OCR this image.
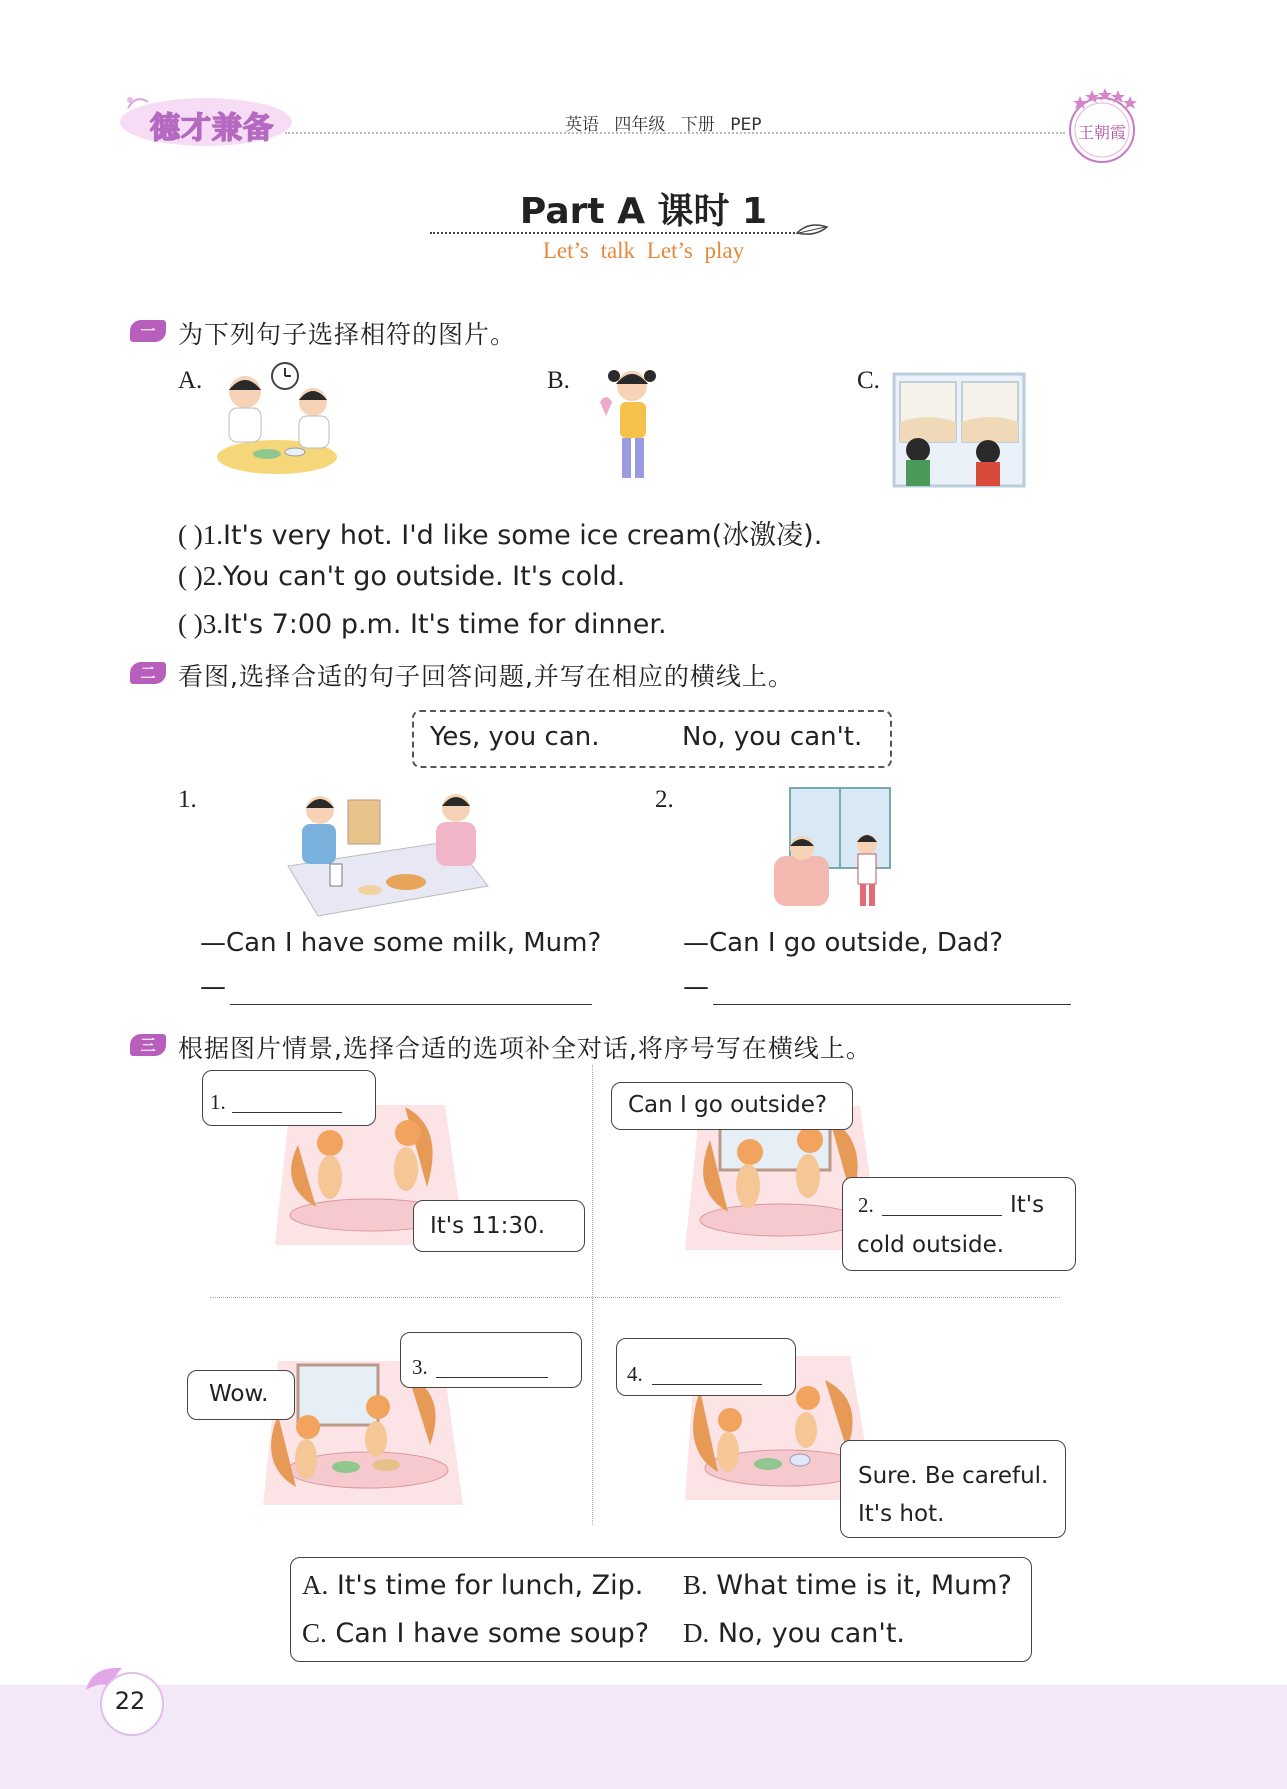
德才兼备	英语 四年级 下册 PEP	王朝霞
Part A 课时 1
Let’s talk Let’s play
一 为下列句子选择相符的图片。
A.	B.	C.
( )1.It's very hot. I'd like some ice cream(冰激凌).
( )2.You can't go outside. It's cold.
( )3.It's 7:00 p.m. It's time for dinner.
二 看图,选择合适的句子回答问题,并写在相应的横线上。
Yes, you can.	No, you can't.
1.
—Can I have some milk, Mum?
—
2.
—Can I go outside, Dad?
—
三 根据图片情景,选择合适的选项补全对话,将序号写在横线上。
1.
It's 11:30.
Can I go outside?
2.	It's
cold outside.
Wow.
3.	4.
Sure. Be careful.
It's hot.
A. It's time for lunch, Zip. B. What time is it, Mum?
C. Can I have some soup? D. No, you can't.
22
